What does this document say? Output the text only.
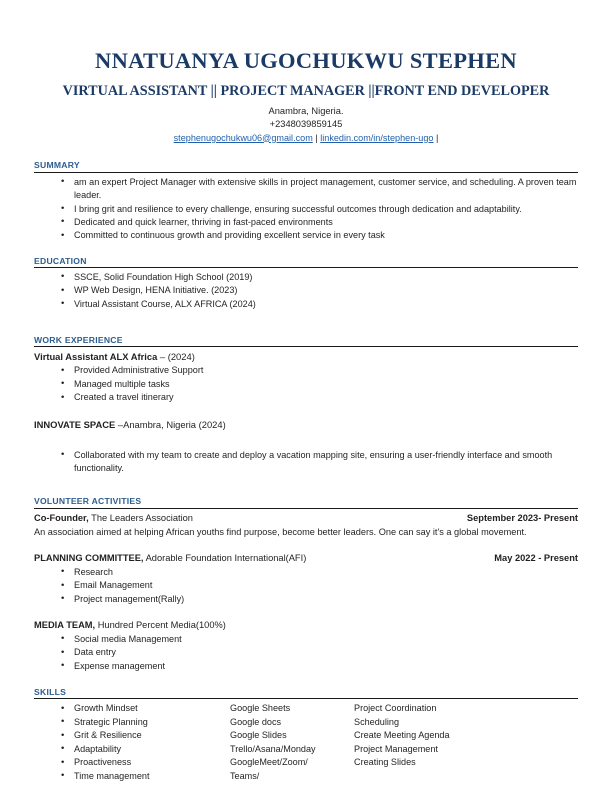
NNATUANYA UGOCHUKWU STEPHEN
VIRTUAL ASSISTANT || PROJECT MANAGER ||FRONT END DEVELOPER
Anambra, Nigeria.
+2348039859145
stephenugochukwu06@gmail.com | linkedin.com/in/stephen-ugo |
SUMMARY
• am an expert Project Manager with extensive skills in project management, customer service, and scheduling. A proven team leader.
• I bring grit and resilience to every challenge, ensuring successful outcomes through dedication and adaptability.
• Dedicated and quick learner, thriving in fast-paced environments
• Committed to continuous growth and providing excellent service in every task
EDUCATION
• SSCE, Solid Foundation High School (2019)
• WP Web Design, HENA Initiative. (2023)
• Virtual Assistant Course, ALX AFRICA (2024)
WORK EXPERIENCE
Virtual Assistant ALX Africa – (2024)
• Provided Administrative Support
• Managed multiple tasks
• Created a travel itinerary
INNOVATE SPACE –Anambra, Nigeria (2024)
• Collaborated with my team to create and deploy a vacation mapping site, ensuring a user-friendly interface and smooth functionality.
VOLUNTEER ACTIVITIES
Co-Founder, The Leaders Association	September 2023- Present
An association aimed at helping African youths find purpose, become better leaders. One can say it's a global movement.
PLANNING COMMITTEE, Adorable Foundation International(AFI)	May 2022 - Present
• Research
• Email Management
• Project management(Rally)
MEDIA TEAM, Hundred Percent Media(100%)
• Social media Management
• Data entry
• Expense management
SKILLS
• Growth Mindset
• Strategic Planning
• Grit & Resilience
• Adaptability
• Proactiveness
• Time management
Google Sheets
Google docs
Google Slides
Trello/Asana/Monday
GoogleMeet/Zoom/
Teams/
Project Coordination
Scheduling
Create Meeting Agenda
Project Management
Creating Slides
